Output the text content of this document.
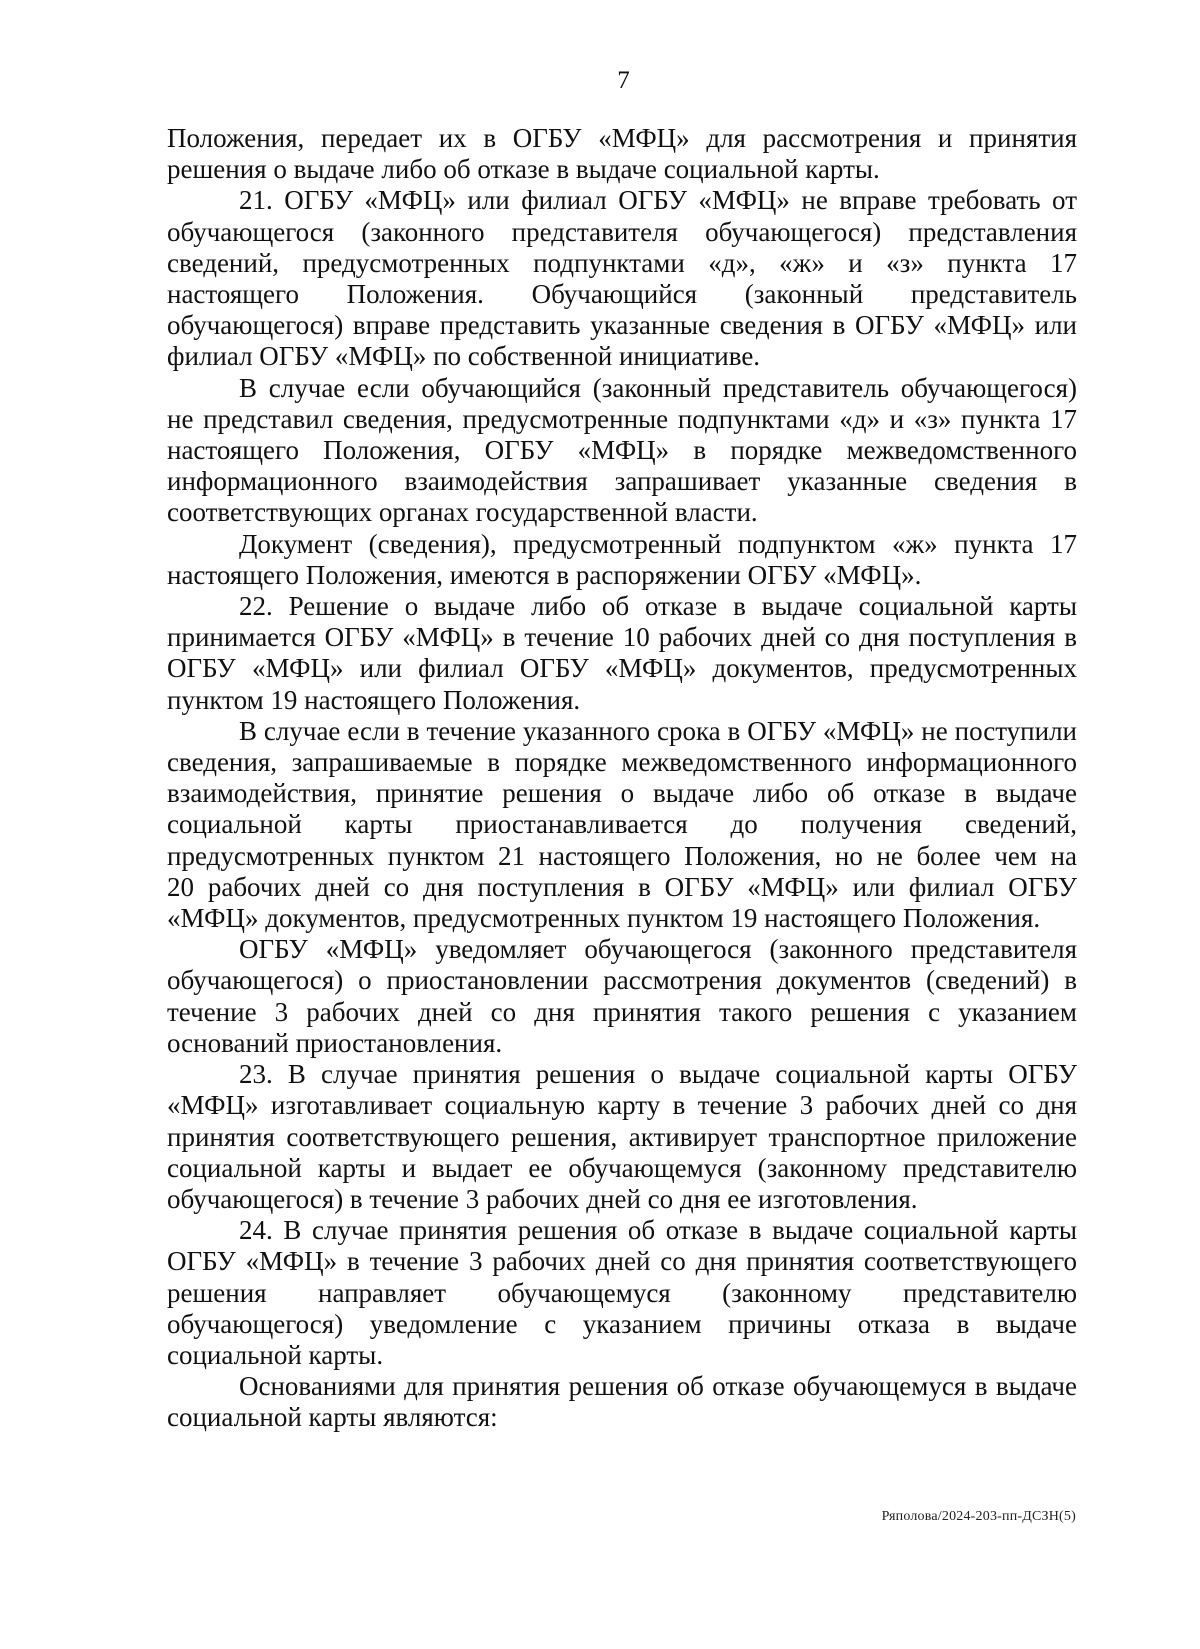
7

Положения, передает их в ОГБУ «МФЦ» для рассмотрения и принятия решения о выдаче либо об отказе в выдаче социальной карты.

21. ОГБУ «МФЦ» или филиал ОГБУ «МФЦ» не вправе требовать от обучающегося (законного представителя обучающегося) представления сведений, предусмотренных подпунктами «д», «ж» и «з» пункта 17 настоящего Положения. Обучающийся (законный представитель обучающегося) вправе представить указанные сведения в ОГБУ «МФЦ» или филиал ОГБУ «МФЦ» по собственной инициативе.

В случае если обучающийся (законный представитель обучающегося) не представил сведения, предусмотренные подпунктами «д» и «з» пункта 17 настоящего Положения, ОГБУ «МФЦ» в порядке межведомственного информационного взаимодействия запрашивает указанные сведения в соответствующих органах государственной власти.

Документ (сведения), предусмотренный подпунктом «ж» пункта 17 настоящего Положения, имеются в распоряжении ОГБУ «МФЦ».

22. Решение о выдаче либо об отказе в выдаче социальной карты принимается ОГБУ «МФЦ» в течение 10 рабочих дней со дня поступления в ОГБУ «МФЦ» или филиал ОГБУ «МФЦ» документов, предусмотренных пунктом 19 настоящего Положения.

В случае если в течение указанного срока в ОГБУ «МФЦ» не поступили сведения, запрашиваемые в порядке межведомственного информационного взаимодействия, принятие решения о выдаче либо об отказе в выдаче социальной карты приостанавливается до получения сведений, предусмотренных пунктом 21 настоящего Положения, но не более чем на

20 рабочих дней со дня поступления в ОГБУ «МФЦ» или филиал ОГБУ «МФЦ» документов, предусмотренных пунктом 19 настоящего Положения.

ОГБУ «МФЦ» уведомляет обучающегося (законного представителя обучающегося) о приостановлении рассмотрения документов (сведений) в течение 3 рабочих дней со дня принятия такого решения с указанием оснований приостановления.

23. В случае принятия решения о выдаче социальной карты ОГБУ «МФЦ» изготавливает социальную карту в течение 3 рабочих дней со дня принятия соответствующего решения, активирует транспортное приложение социальной карты и выдает ее обучающемуся (законному представителю обучающегося) в течение 3 рабочих дней со дня ее изготовления.

24. В случае принятия решения об отказе в выдаче социальной карты ОГБУ «МФЦ» в течение 3 рабочих дней со дня принятия соответствующего решения направляет обучающемуся (законному представителю обучающегося) уведомление с указанием причины отказа в выдаче социальной карты.

Основаниями для принятия решения об отказе обучающемуся в выдаче социальной карты являются:

Ряполова/2024-203-пп-ДСЗН(5)
